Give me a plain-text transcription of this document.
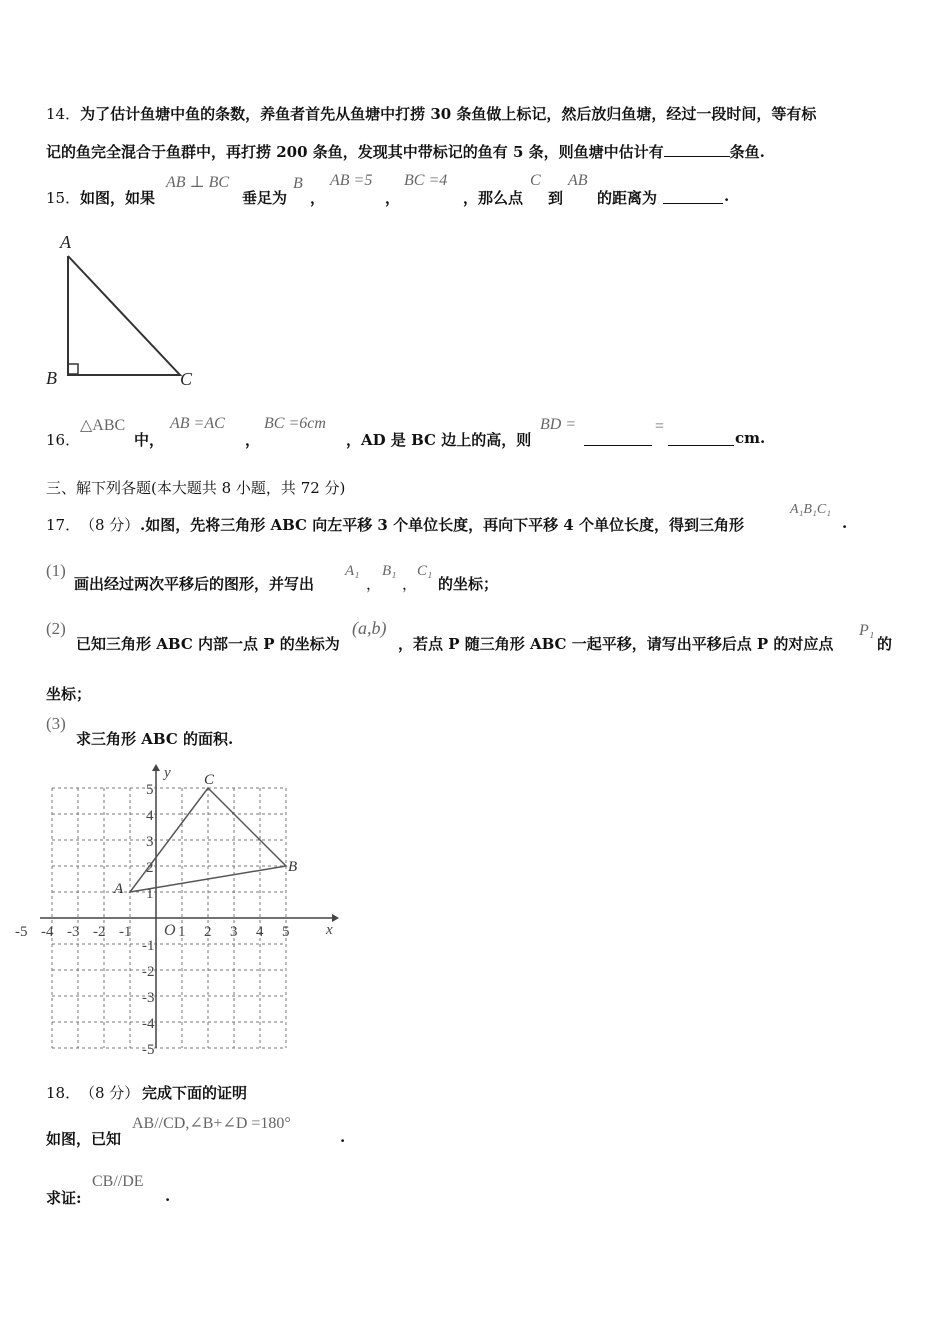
14．为了估计鱼塘中鱼的条数，养鱼者首先从鱼塘中打捞 30 条鱼做上标记，然后放归鱼塘，经过一段时间，等有标
记的鱼完全混合于鱼群中，再打捞 200 条鱼，发现其中带标记的鱼有 5 条，则鱼塘中估计有	条鱼.
15． 如图，如果
AB ⊥ BC
垂足为
B
，
AB =5
，
BC =4
，那么点
C
到
AB
的距离为	.
A
B	C
16．
△ABC
中，
AB =AC
，
BC =6cm
，AD 是 BC 边上的高，则
BD =	=
cm.
三、解下列各题(本大题共 8 小题，共 72 分)
17． （8 分） .如图，先将三角形 ABC 向左平移 3 个单位长度，再向下平移 4 个单位长度，得到三角形
A₁B₁C₁
.
(1)
画出经过两次平移后的图形，并写出
A₁
，
B₁
，
C₁
的坐标；
(2)
已知三角形 ABC 内部一点 P 的坐标为
(a,b)
，若点 P 随三角形 ABC 一起平移，请写出平移后点 P 的对应点
P₁
的
坐标；
(3)
求三角形 ABC 的面积.
-5 -4 -3 -2 -1	1 2 3 4 5
5
4
3
2
1
-1
-2
-3
-4
-5
x
y
O
A
B
C
18． （8 分） 完成下面的证明
如图，已知
AB//CD,∠B+∠D =180°
.
求证:
CB//DE
.
